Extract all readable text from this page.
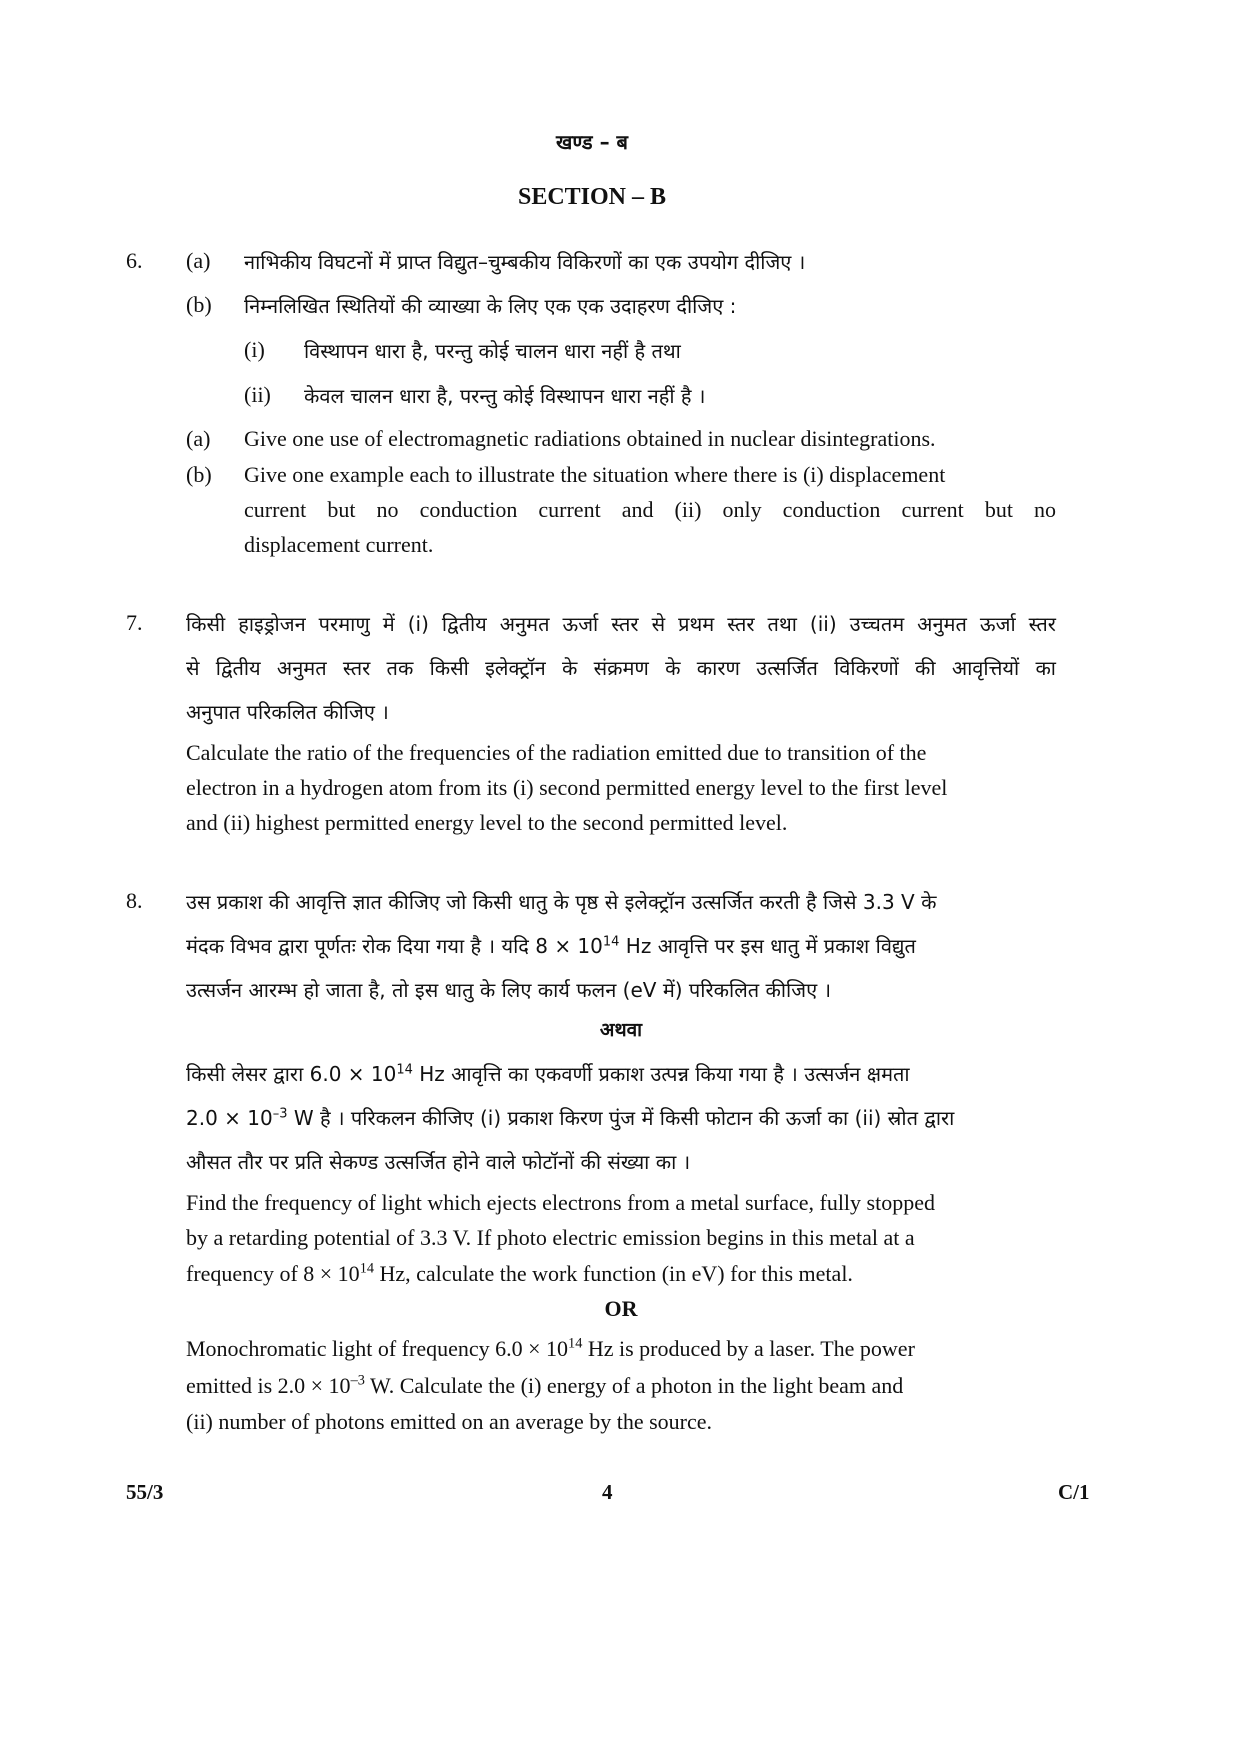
खण्ड – ब
SECTION – B
6. (a) नाभिकीय विघटनों में प्राप्त विद्युत–चुम्बकीय विकिरणों का एक उपयोग दीजिए ।
(b) निम्नलिखित स्थितियों की व्याख्या के लिए एक एक उदाहरण दीजिए :
(i) विस्थापन धारा है, परन्तु कोई चालन धारा नहीं है तथा
(ii) केवल चालन धारा है, परन्तु कोई विस्थापन धारा नहीं है ।
(a) Give one use of electromagnetic radiations obtained in nuclear disintegrations.
(b) Give one example each to illustrate the situation where there is (i) displacement
current but no conduction current and (ii) only conduction current but no
displacement current.
7. किसी हाइड्रोजन परमाणु में (i) द्वितीय अनुमत ऊर्जा स्तर से प्रथम स्तर तथा (ii) उच्चतम अनुमत ऊर्जा स्तर
से द्वितीय अनुमत स्तर तक किसी इलेक्ट्रॉन के संक्रमण के कारण उत्सर्जित विकिरणों की आवृत्तियों का
अनुपात परिकलित कीजिए ।
Calculate the ratio of the frequencies of the radiation emitted due to transition of the
electron in a hydrogen atom from its (i) second permitted energy level to the first level
and (ii) highest permitted energy level to the second permitted level.
8. उस प्रकाश की आवृत्ति ज्ञात कीजिए जो किसी धातु के पृष्ठ से इलेक्ट्रॉन उत्सर्जित करती है जिसे 3.3 V के
मंदक विभव द्वारा पूर्णतः रोक दिया गया है । यदि $8 \times 10^{14}$ Hz आवृत्ति पर इस धातु में प्रकाश विद्युत
उत्सर्जन आरम्भ हो जाता है, तो इस धातु के लिए कार्य फलन (eV में) परिकलित कीजिए ।
अथवा
किसी लेसर द्वारा $6.0 \times 10^{14}$ Hz आवृत्ति का एकवर्णी प्रकाश उत्पन्न किया गया है । उत्सर्जन क्षमता
$2.0 \times 10^{-3}$ W है । परिकलन कीजिए (i) प्रकाश किरण पुंज में किसी फोटान की ऊर्जा का (ii) स्रोत द्वारा
औसत तौर पर प्रति सेकण्ड उत्सर्जित होने वाले फोटॉनों की संख्या का ।
Find the frequency of light which ejects electrons from a metal surface, fully stopped
by a retarding potential of 3.3 V. If photo electric emission begins in this metal at a
frequency of $8 \times 10^{14}$ Hz, calculate the work function (in eV) for this metal.
OR
Monochromatic light of frequency $6.0 \times 10^{14}$ Hz is produced by a laser. The power
emitted is $2.0 \times 10^{-3}$ W. Calculate the (i) energy of a photon in the light beam and
(ii) number of photons emitted on an average by the source.
55/3	4	C/1
